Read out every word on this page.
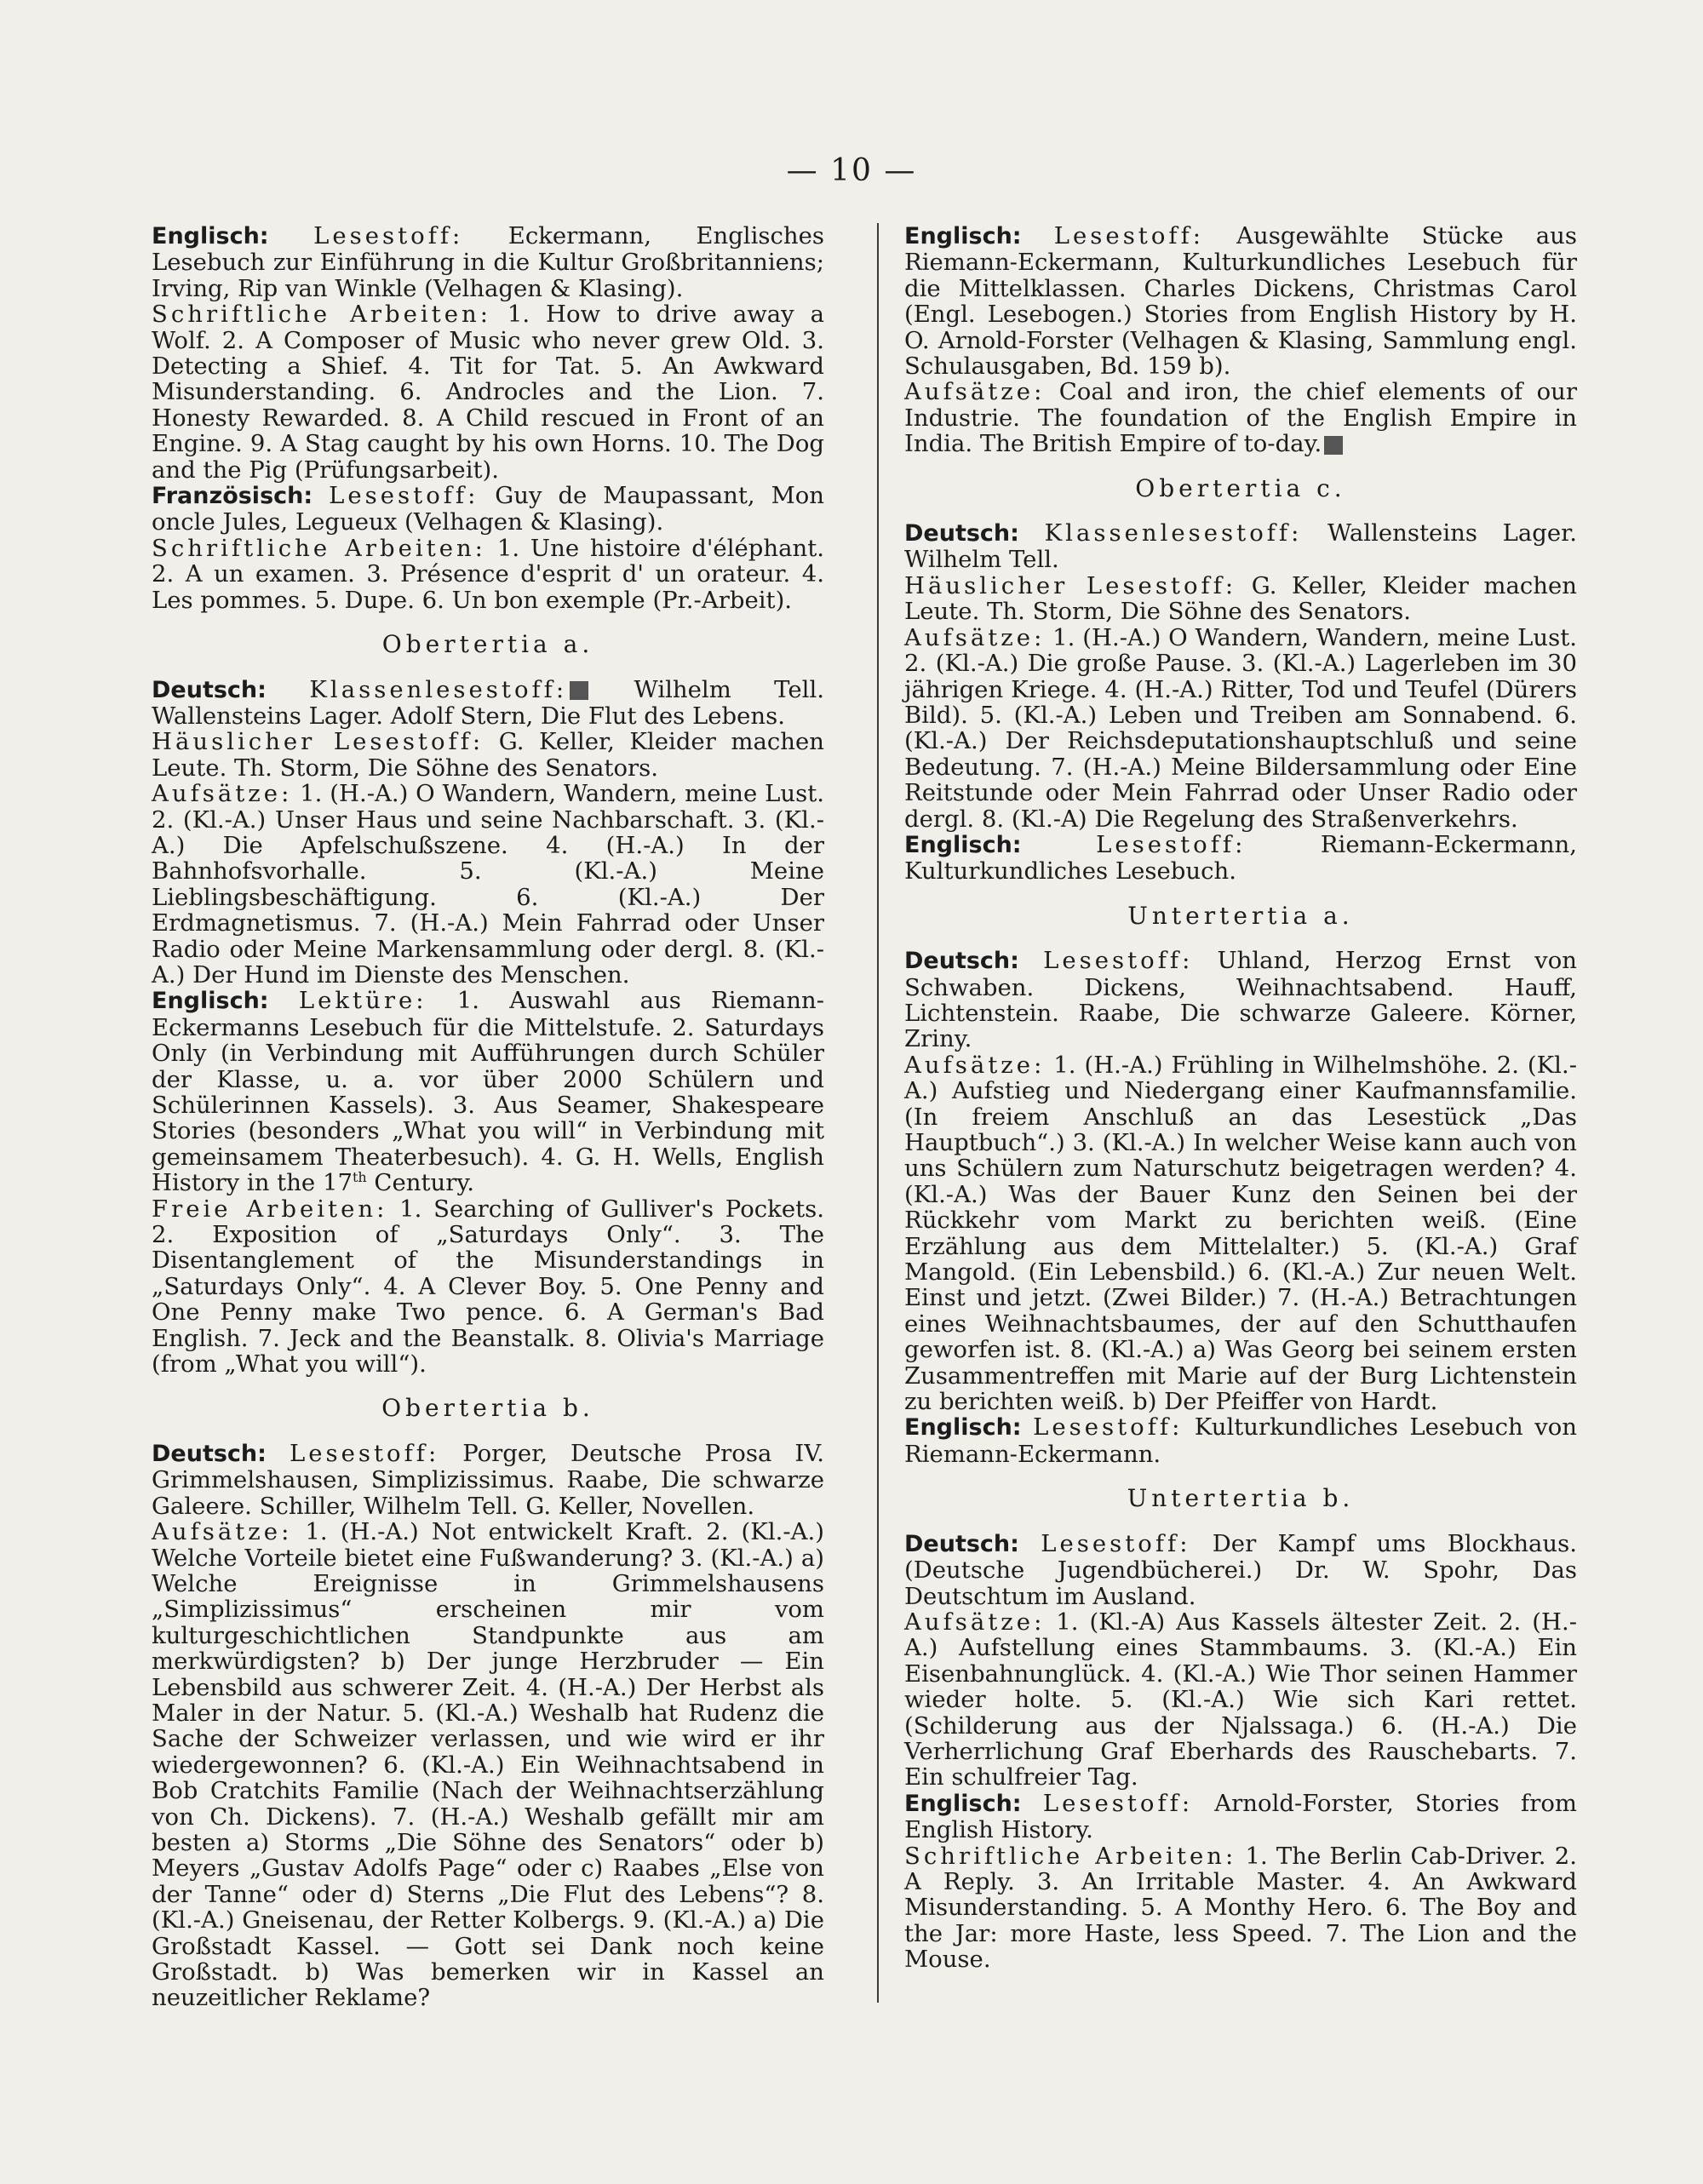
— 10 —

Englisch: Lesestoff: Eckermann, Englisches Lesebuch zur Einführung in die Kultur Großbritanniens; Irving, Rip van Winkle (Velhagen & Klasing).

Schriftliche Arbeiten: 1. How to drive away a Wolf. 2. A Composer of Music who never grew Old. 3. Detecting a Shief. 4. Tit for Tat. 5. An Awkward Misunderstanding. 6. Androcles and the Lion. 7. Honesty Rewarded. 8. A Child rescued in Front of an Engine. 9. A Stag caught by his own Horns. 10. The Dog and the Pig (Prüfungsarbeit).

Französisch: Lesestoff: Guy de Maupassant, Mon oncle Jules, Legueux (Velhagen & Klasing).

Schriftliche Arbeiten: 1. Une histoire d'éléphant. 2. A un examen. 3. Présence d'esprit d' un orateur. 4. Les pommes. 5. Dupe. 6. Un bon exemple (Pr.-Arbeit).

Obertertia a.

Deutsch: Klassenlesestoff: Wilhelm Tell. Wallensteins Lager. Adolf Stern, Die Flut des Lebens.

Häuslicher Lesestoff: G. Keller, Kleider machen Leute. Th. Storm, Die Söhne des Senators.

Aufsätze: 1. (H.-A.) O Wandern, Wandern, meine Lust. 2. (Kl.-A.) Unser Haus und seine Nachbarschaft. 3. (Kl.-A.) Die Apfelschußszene. 4. (H.-A.) In der Bahnhofsvorhalle. 5. (Kl.-A.) Meine Lieblingsbeschäftigung. 6. (Kl.-A.) Der Erdmagnetismus. 7. (H.-A.) Mein Fahrrad oder Unser Radio oder Meine Markensammlung oder dergl. 8. (Kl.-A.) Der Hund im Dienste des Menschen.

Englisch: Lektüre: 1. Auswahl aus Riemann-Eckermanns Lesebuch für die Mittelstufe. 2. Saturdays Only (in Verbindung mit Aufführungen durch Schüler der Klasse, u. a. vor über 2000 Schülern und Schülerinnen Kassels). 3. Aus Seamer, Shakespeare Stories (besonders „What you will“ in Verbindung mit gemeinsamem Theaterbesuch). 4. G. H. Wells, English History in the 17th Century.

Freie Arbeiten: 1. Searching of Gulliver's Pockets. 2. Exposition of „Saturdays Only“. 3. The Disentanglement of the Misunderstandings in „Saturdays Only“. 4. A Clever Boy. 5. One Penny and One Penny make Two pence. 6. A German's Bad English. 7. Jeck and the Beanstalk. 8. Olivia's Marriage (from „What you will“).

Obertertia b.

Deutsch: Lesestoff: Porger, Deutsche Prosa IV. Grimmelshausen, Simplizissimus. Raabe, Die schwarze Galeere. Schiller, Wilhelm Tell. G. Keller, Novellen.

Aufsätze: 1. (H.-A.) Not entwickelt Kraft. 2. (Kl.-A.) Welche Vorteile bietet eine Fußwanderung? 3. (Kl.-A.) a) Welche Ereignisse in Grimmelshausens „Simplizissimus“ erscheinen mir vom kulturgeschichtlichen Standpunkte aus am merkwürdigsten? b) Der junge Herzbruder — Ein Lebensbild aus schwerer Zeit. 4. (H.-A.) Der Herbst als Maler in der Natur. 5. (Kl.-A.) Weshalb hat Rudenz die Sache der Schweizer verlassen, und wie wird er ihr wiedergewonnen? 6. (Kl.-A.) Ein Weihnachtsabend in Bob Cratchits Familie (Nach der Weihnachtserzählung von Ch. Dickens). 7. (H.-A.) Weshalb gefällt mir am besten a) Storms „Die Söhne des Senators“ oder b) Meyers „Gustav Adolfs Page“ oder c) Raabes „Else von der Tanne“ oder d) Sterns „Die Flut des Lebens“? 8. (Kl.-A.) Gneisenau, der Retter Kolbergs. 9. (Kl.-A.) a) Die Großstadt Kassel. — Gott sei Dank noch keine Großstadt. b) Was bemerken wir in Kassel an neuzeitlicher Reklame?

Englisch: Lesestoff: Ausgewählte Stücke aus Riemann-Eckermann, Kulturkundliches Lesebuch für die Mittelklassen. Charles Dickens, Christmas Carol (Engl. Lesebogen.) Stories from English History by H. O. Arnold-Forster (Velhagen & Klasing, Sammlung engl. Schulausgaben, Bd. 159 b).

Aufsätze: Coal and iron, the chief elements of our Industrie. The foundation of the English Empire in India. The British Empire of to-day.

Obertertia c.

Deutsch: Klassenlesestoff: Wallensteins Lager. Wilhelm Tell.

Häuslicher Lesestoff: G. Keller, Kleider machen Leute. Th. Storm, Die Söhne des Senators.

Aufsätze: 1. (H.-A.) O Wandern, Wandern, meine Lust. 2. (Kl.-A.) Die große Pause. 3. (Kl.-A.) Lagerleben im 30 jährigen Kriege. 4. (H.-A.) Ritter, Tod und Teufel (Dürers Bild). 5. (Kl.-A.) Leben und Treiben am Sonnabend. 6. (Kl.-A.) Der Reichsdeputationshauptschluß und seine Bedeutung. 7. (H.-A.) Meine Bildersammlung oder Eine Reitstunde oder Mein Fahrrad oder Unser Radio oder dergl. 8. (Kl.-A) Die Regelung des Straßenverkehrs.

Englisch:	Lesestoff: Riemann-Eckermann, Kulturkundliches Lesebuch.

Untertertia a.

Deutsch: Lesestoff: Uhland, Herzog Ernst von Schwaben. Dickens, Weihnachtsabend. Hauff, Lichtenstein. Raabe, Die schwarze Galeere. Körner, Zriny.

Aufsätze: 1. (H.-A.) Frühling in Wilhelmshöhe. 2. (Kl.-A.) Aufstieg und Niedergang einer Kaufmannsfamilie. (In freiem Anschluß an das Lesestück „Das Hauptbuch“.) 3. (Kl.-A.) In welcher Weise kann auch von uns Schülern zum Naturschutz beigetragen werden? 4. (Kl.-A.) Was der Bauer Kunz den Seinen bei der Rückkehr vom Markt zu berichten weiß. (Eine Erzählung aus dem Mittelalter.) 5. (Kl.-A.) Graf Mangold. (Ein Lebensbild.) 6. (Kl.-A.) Zur neuen Welt. Einst und jetzt. (Zwei Bilder.) 7. (H.-A.) Betrachtungen eines Weihnachtsbaumes, der auf den Schutthaufen geworfen ist. 8. (Kl.-A.) a) Was Georg bei seinem ersten Zusammentreffen mit Marie auf der Burg Lichtenstein zu berichten weiß. b) Der Pfeiffer von Hardt.

Englisch: Lesestoff: Kulturkundliches Lesebuch von Riemann-Eckermann.

Untertertia b.

Deutsch: Lesestoff: Der Kampf ums Blockhaus. (Deutsche Jugendbücherei.) Dr. W. Spohr, Das Deutschtum im Ausland.

Aufsätze: 1. (Kl.-A) Aus Kassels ältester Zeit. 2. (H.-A.) Aufstellung eines Stammbaums. 3. (Kl.-A.) Ein Eisenbahnunglück. 4. (Kl.-A.) Wie Thor seinen Hammer wieder holte. 5. (Kl.-A.) Wie sich Kari rettet. (Schilderung aus der Njalssaga.) 6. (H.-A.) Die Verherrlichung Graf Eberhards des Rauschebarts. 7. Ein schulfreier Tag.

Englisch: Lesestoff: Arnold-Forster, Stories from English History.

Schriftliche Arbeiten: 1. The Berlin Cab-Driver. 2. A Reply. 3. An Irritable Master. 4. An Awkward Misunderstanding. 5. A Monthy Hero. 6. The Boy and the Jar: more Haste, less Speed. 7. The Lion and the Mouse.
